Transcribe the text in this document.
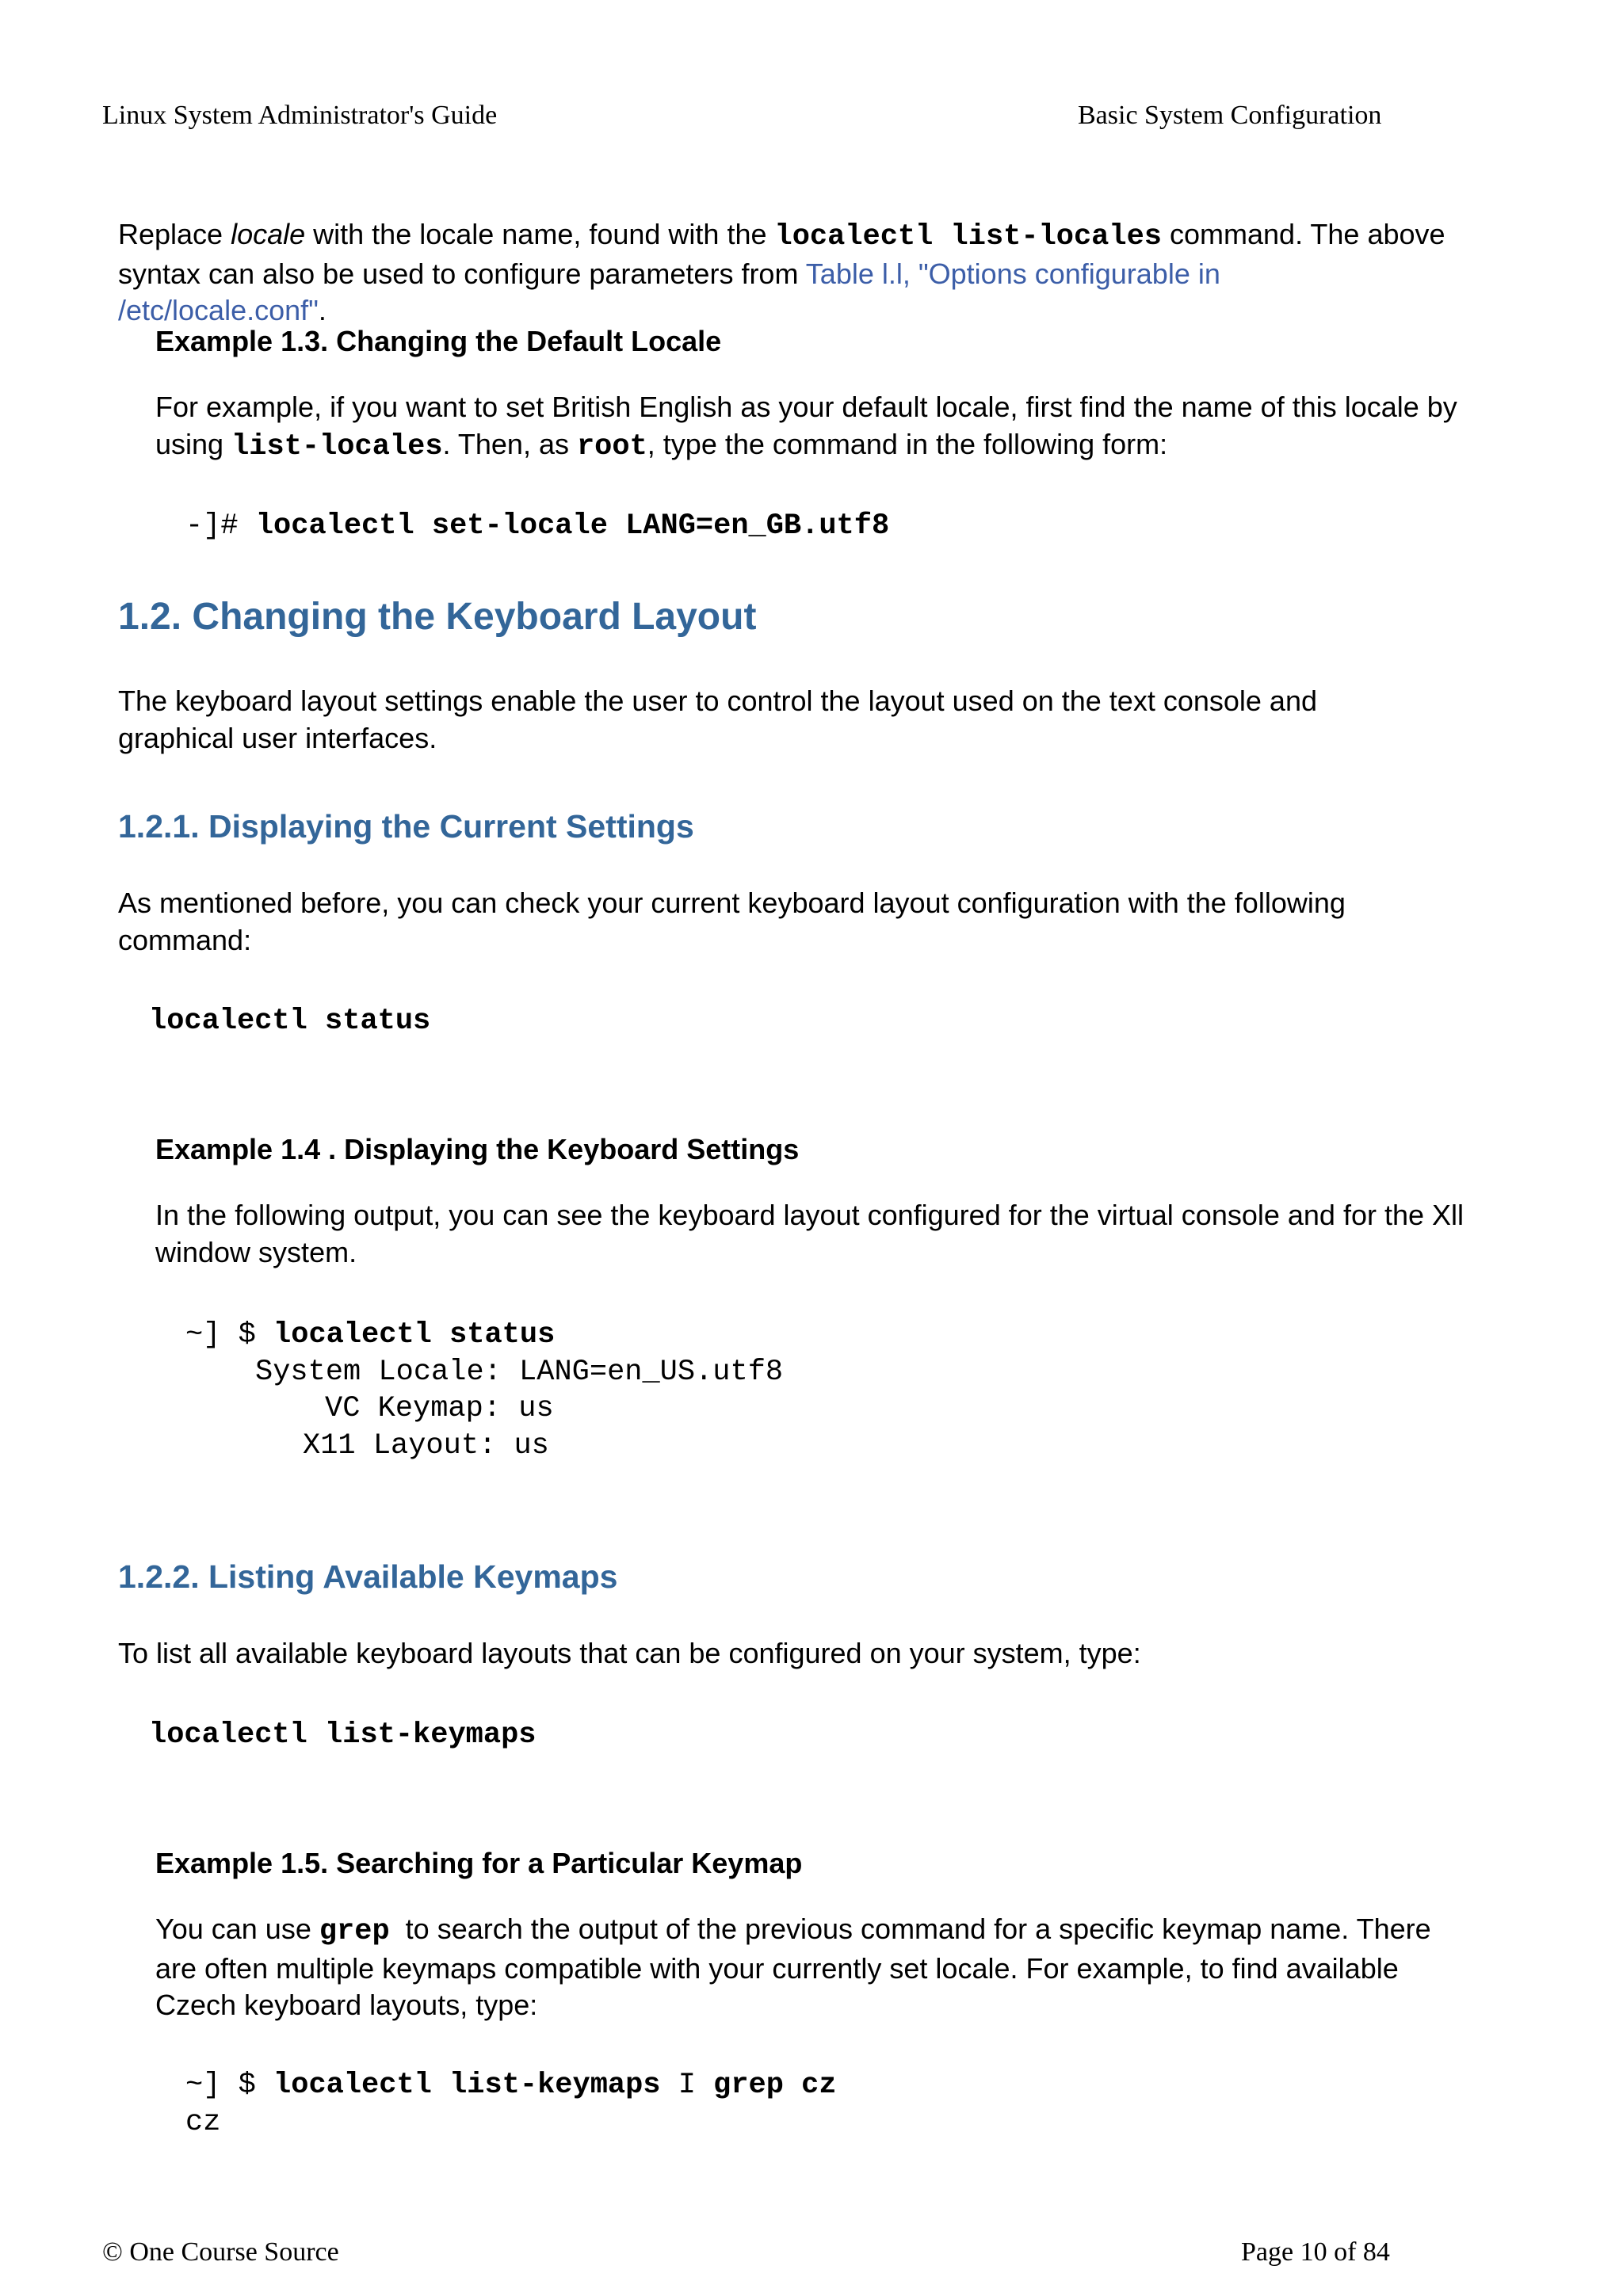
Linux System Administrator's Guide	Basic System Configuration
Replace locale with the locale name, found with the localectl list-locales command. The above
syntax can also be used to configure parameters from Table l.l, "Options configurable in
/etc/locale.conf".
Example 1.3. Changing the Default Locale
For example, if you want to set British English as your default locale, first find the name of this locale by
using list-locales. Then, as root, type the command in the following form:
-]# localectl set-locale LANG=en_GB.utf8
1.2. Changing the Keyboard Layout
The keyboard layout settings enable the user to control the layout used on the text console and
graphical user interfaces.
1.2.1. Displaying the Current Settings
As mentioned before, you can check your current keyboard layout configuration with the following
command:
localectl status
Example 1.4 . Displaying the Keyboard Settings
In the following output, you can see the keyboard layout configured for the virtual console and for the Xll
window system.
~] $ localectl status
System Locale: LANG=en_US.utf8
VC Keymap: us
X11 Layout: us
1.2.2. Listing Available Keymaps
To list all available keyboard layouts that can be configured on your system, type:
localectl list-keymaps
Example 1.5. Searching for a Particular Keymap
You can use grep  to search the output of the previous command for a specific keymap name. There
are often multiple keymaps compatible with your currently set locale. For example, to find available
Czech keyboard layouts, type:
~] $ localectl list-keymaps I grep cz
cz
© One Course Source	Page 10 of 84
